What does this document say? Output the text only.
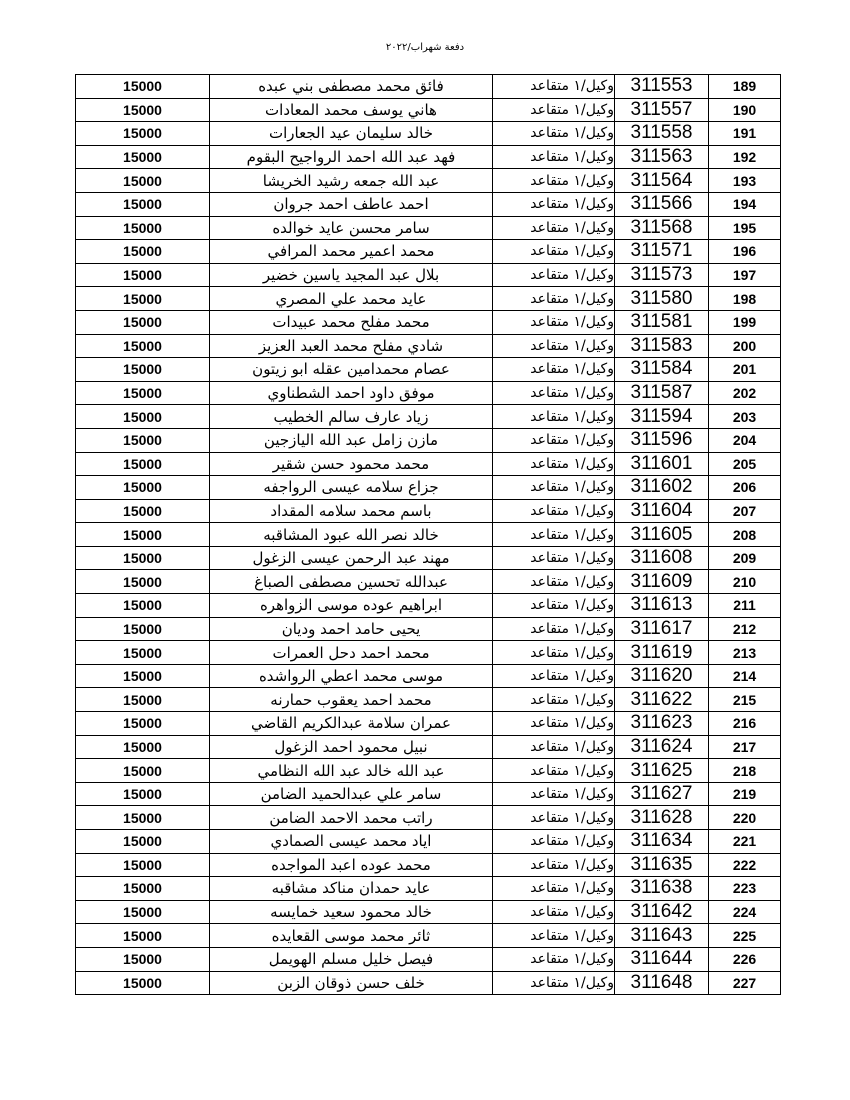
دفعة شهراب/٢٠٢٢
15000	فائق محمد مصطفى بني عبده	وكيل/١ متقاعد	311553	189
15000	هاني يوسف محمد المعادات	وكيل/١ متقاعد	311557	190
15000	خالد سليمان عيد الجعارات	وكيل/١ متقاعد	311558	191
15000	فهد عبد الله احمد الرواجيح البقوم	وكيل/١ متقاعد	311563	192
15000	عبد الله جمعه رشيد الخريشا	وكيل/١ متقاعد	311564	193
15000	احمد عاطف احمد جروان	وكيل/١ متقاعد	311566	194
15000	سامر محسن عايد خوالده	وكيل/١ متقاعد	311568	195
15000	محمد اعمير محمد المرافي	وكيل/١ متقاعد	311571	196
15000	بلال عبد المجيد ياسين خضير	وكيل/١ متقاعد	311573	197
15000	عايد محمد علي المصري	وكيل/١ متقاعد	311580	198
15000	محمد مفلح محمد عبيدات	وكيل/١ متقاعد	311581	199
15000	شادي مفلح محمد العبد العزيز	وكيل/١ متقاعد	311583	200
15000	عصام محمدامين عقله ابو زيتون	وكيل/١ متقاعد	311584	201
15000	موفق داود احمد الشطناوي	وكيل/١ متقاعد	311587	202
15000	زياد عارف سالم الخطيب	وكيل/١ متقاعد	311594	203
15000	مازن زامل عبد الله اليازجين	وكيل/١ متقاعد	311596	204
15000	محمد محمود حسن شقير	وكيل/١ متقاعد	311601	205
15000	جزاع سلامه عيسى الرواجفه	وكيل/١ متقاعد	311602	206
15000	باسم محمد سلامه المقداد	وكيل/١ متقاعد	311604	207
15000	خالد نصر الله عبود المشاقبه	وكيل/١ متقاعد	311605	208
15000	مهند عبد الرحمن عيسى الزغول	وكيل/١ متقاعد	311608	209
15000	عبدالله تحسين مصطفى الصباغ	وكيل/١ متقاعد	311609	210
15000	ابراهيم عوده موسى الزواهره	وكيل/١ متقاعد	311613	211
15000	يحيى حامد احمد وديان	وكيل/١ متقاعد	311617	212
15000	محمد احمد دحل العمرات	وكيل/١ متقاعد	311619	213
15000	موسى محمد اعطي الرواشده	وكيل/١ متقاعد	311620	214
15000	محمد احمد يعقوب حمارنه	وكيل/١ متقاعد	311622	215
15000	عمران سلامة عبدالكريم القاضي	وكيل/١ متقاعد	311623	216
15000	نبيل محمود احمد الزغول	وكيل/١ متقاعد	311624	217
15000	عبد الله خالد عبد الله النظامي	وكيل/١ متقاعد	311625	218
15000	سامر علي عبدالحميد الضامن	وكيل/١ متقاعد	311627	219
15000	راتب محمد الاحمد الضامن	وكيل/١ متقاعد	311628	220
15000	اياد محمد عيسى الصمادي	وكيل/١ متقاعد	311634	221
15000	محمد عوده اعبد المواجده	وكيل/١ متقاعد	311635	222
15000	عايد حمدان مناكد مشاقبه	وكيل/١ متقاعد	311638	223
15000	خالد محمود سعيد خمايسه	وكيل/١ متقاعد	311642	224
15000	ثائر محمد موسى القعايده	وكيل/١ متقاعد	311643	225
15000	فيصل خليل مسلم الهويمل	وكيل/١ متقاعد	311644	226
15000	خلف حسن ذوقان الزبن	وكيل/١ متقاعد	311648	227
